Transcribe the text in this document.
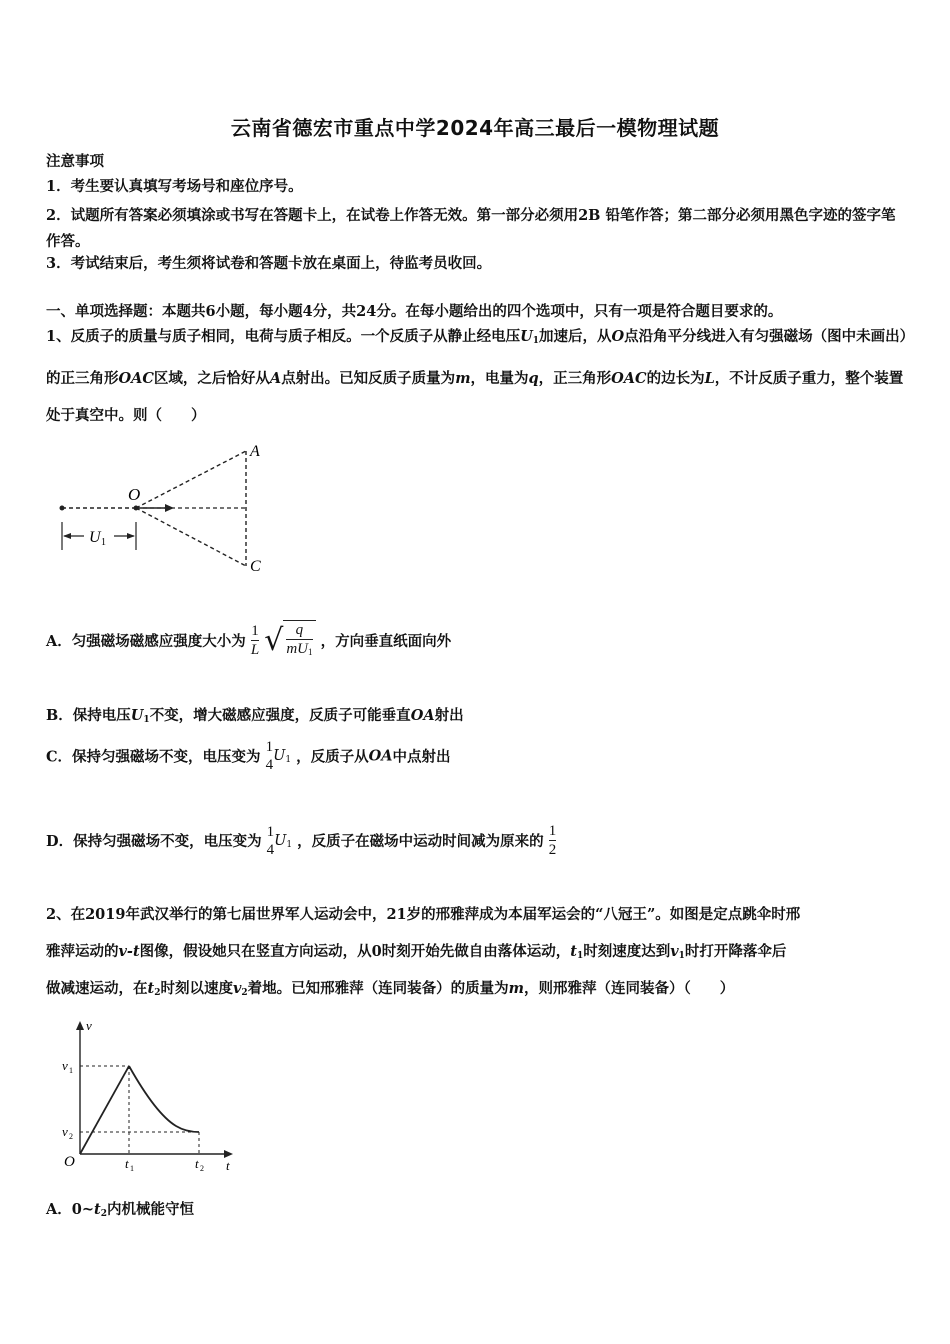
云南省德宏市重点中学2024年高三最后一模物理试题
注意事项
1．考生要认真填写考场号和座位序号。
2．试题所有答案必须填涂或书写在答题卡上，在试卷上作答无效。第一部分必须用2B 铅笔作答；第二部分必须用黑色字迹的签字笔作答。
3．考试结束后，考生须将试卷和答题卡放在桌面上，待监考员收回。
一、单项选择题：本题共6小题，每小题4分，共24分。在每小题给出的四个选项中，只有一项是符合题目要求的。
1、反质子的质量与质子相同，电荷与质子相反。一个反质子从静止经电压$U_1$加速后，从O点沿角平分线进入有匀强磁场（图中未画出）的正三角形OAC区域，之后恰好从A点射出。已知反质子质量为m，电量为q，正三角形OAC的边长为L，不计反质子重力，整个装置处于真空中。则（　　）
O
A
C
U 1
A．匀强磁场磁感应强度大小为 $\frac{1}{L}$ √ $\frac{q}{mU_1}$ ，方向垂直纸面向外
B．保持电压$U_1$不变，增大磁感应强度，反质子可能垂直OA射出
C．保持匀强磁场不变，电压变为
1
4
$U_1$ ，反质子从OA中点射出
D．保持匀强磁场不变，电压变为
1
4
$U_1$ ，反质子在磁场中运动时间减为原来的 $\frac{1}{2}$
2、在2019年武汉举行的第七届世界军人运动会中，21岁的邢雅萍成为本届军运会的“八冠王”。如图是定点跳伞时邢
雅萍运动的v-t图像，假设她只在竖直方向运动，从0时刻开始先做自由落体运动，$t_1$时刻速度达到$v_1$时打开降落伞后
做减速运动，在$t_2$时刻以速度$v_2$着地。已知邢雅萍（连同装备）的质量为m，则邢雅萍（连同装备）（　　）
v
t
O
v 1
v 2
t 1	t 2
A．$0\sim t_2$内机械能守恒
